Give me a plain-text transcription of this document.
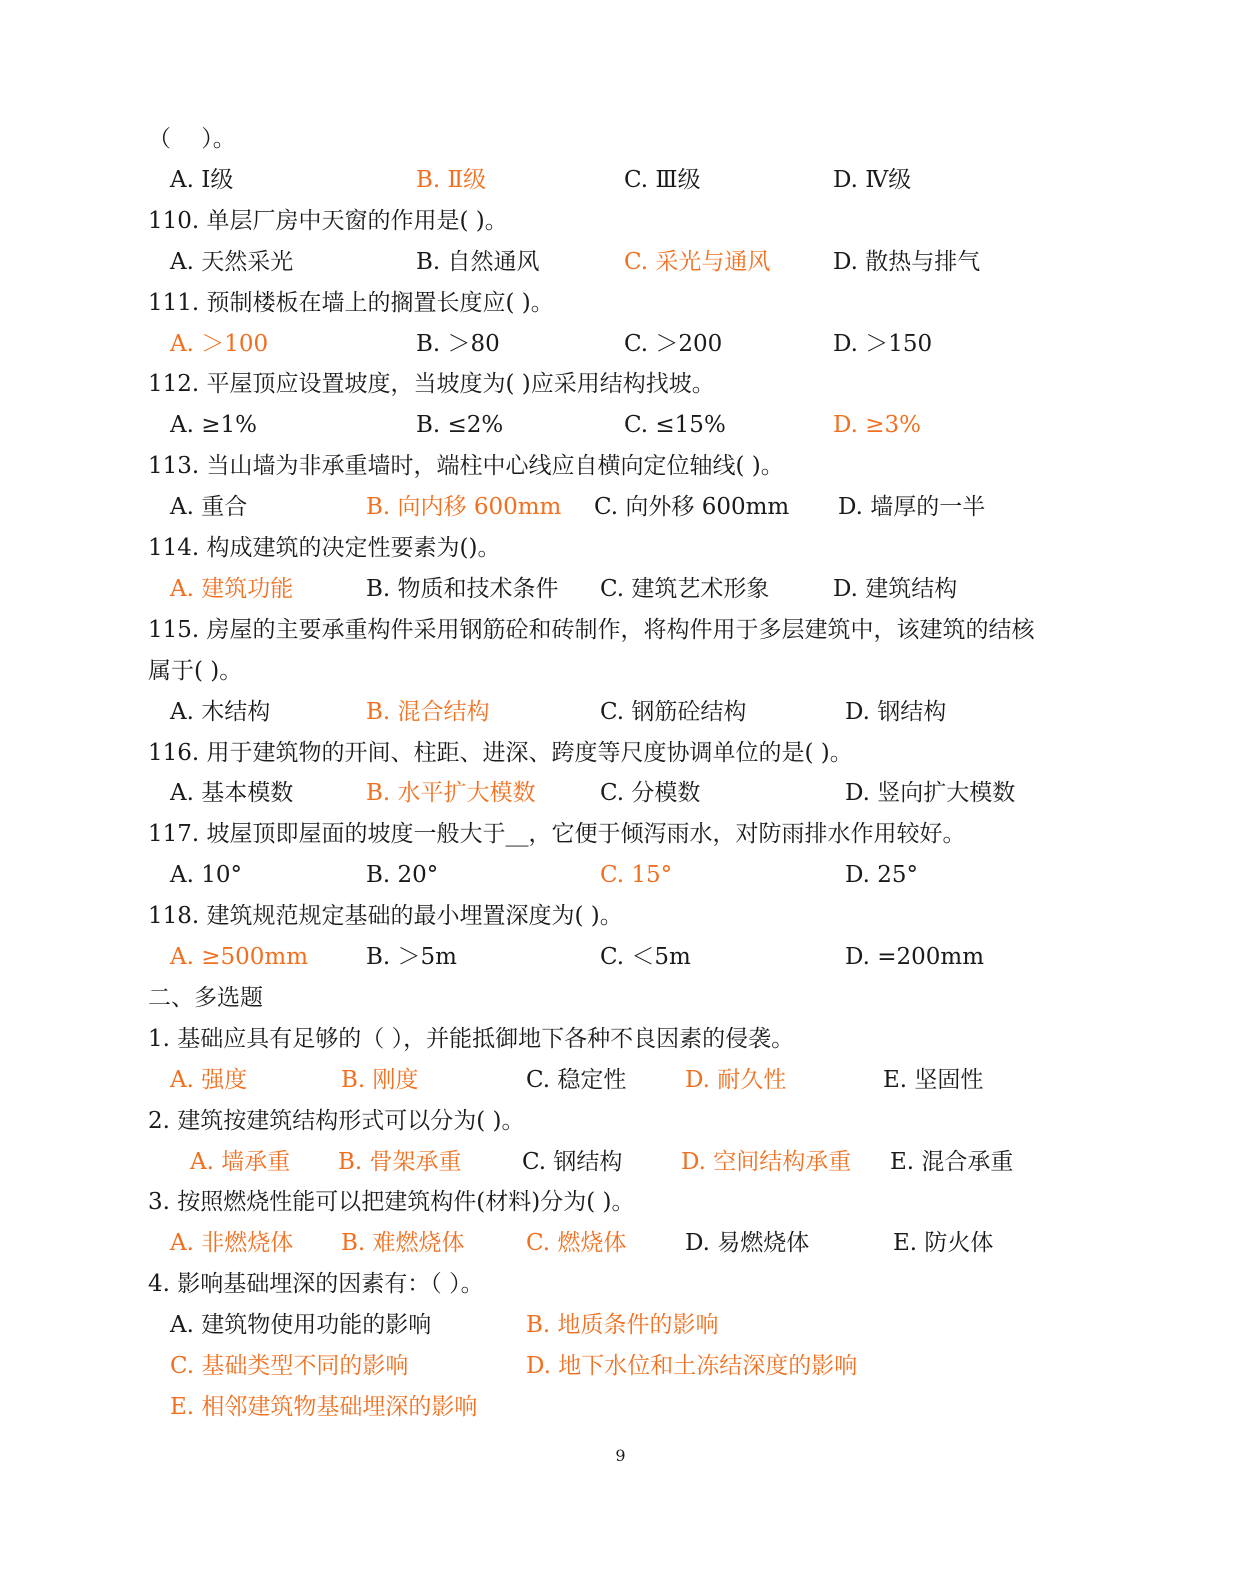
（　 ）。
A. Ⅰ级	B. Ⅱ级	C. Ⅲ级	D. Ⅳ级
110. 单层厂房中天窗的作用是( )。
A. 天然采光	B. 自然通风	C. 采光与通风	D. 散热与排气
111. 预制楼板在墙上的搁置长度应( )。
A. ＞100	B. ＞80	C. ＞200	D. ＞150
112. 平屋顶应设置坡度，当坡度为( )应采用结构找坡。
A. ≥1%	B. ≤2%	C. ≤15%	D. ≥3%
113. 当山墙为非承重墙时，端柱中心线应自横向定位轴线( )。
A. 重合	B. 向内移 600mm C. 向外移 600mm D. 墙厚的一半
114. 构成建筑的决定性要素为()。
A. 建筑功能	B. 物质和技术条件 C. 建筑艺术形象	D. 建筑结构
115. 房屋的主要承重构件采用钢筋砼和砖制作，将构件用于多层建筑中，该建筑的结核
属于( )。
A. 木结构	B. 混合结构	C. 钢筋砼结构	D. 钢结构
116. 用于建筑物的开间、柱距、进深、跨度等尺度协调单位的是( )。
A. 基本模数	B. 水平扩大模数	C. 分模数	D. 竖向扩大模数
117. 坡屋顶即屋面的坡度一般大于__，它便于倾泻雨水，对防雨排水作用较好。
A. 10°	B. 20°	C. 15°	D. 25°
118. 建筑规范规定基础的最小埋置深度为( )。
A. ≥500mm	B. ＞5m	C. ＜5m	D. =200mm
二、多选题
1. 基础应具有足够的（ ），并能抵御地下各种不良因素的侵袭。
A. 强度	B. 刚度	C. 稳定性	D. 耐久性	E. 坚固性
2. 建筑按建筑结构形式可以分为( )。
A. 墙承重 B. 骨架承重	C. 钢结构	D. 空间结构承重 E. 混合承重
3. 按照燃烧性能可以把建筑构件(材料)分为( )。
A. 非燃烧体 B. 难燃烧体	C. 燃烧体	D. 易燃烧体	E. 防火体
4. 影响基础埋深的因素有：（ ）。
A. 建筑物使用功能的影响	B. 地质条件的影响
C. 基础类型不同的影响	D. 地下水位和土冻结深度的影响
E. 相邻建筑物基础埋深的影响
9
